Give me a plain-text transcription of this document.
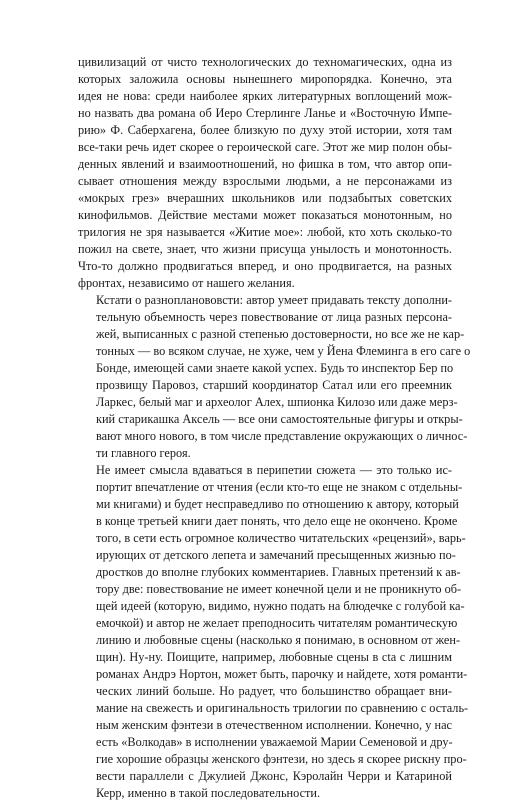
цивилизаций от чисто технологических до техномагических, одна из
которых заложила основы нынешнего миропорядка. Конечно, эта
идея не нова: среди наиболее ярких литературных воплощений мож-
но назвать два романа об Иеро Стерлинге Ланье и «Восточную Импе-
рию» Ф. Саберхагена, более близкую по духу этой истории, хотя там
все-таки речь идет скорее о героической саге. Этот же мир полон обы-
денных явлений и взаимоотношений, но фишка в том, что автор опи-
сывает отношения между взрослыми людьми, а не персонажами из
«мокрых грез» вчерашних школьников или подзабытых советских
кинофильмов. Действие местами может показаться монотонным, но
трилогия не зря называется «Житие мое»: любой, кто хоть сколько-то
пожил на свете, знает, что жизни присуща унылость и монотонность.
Что-то должно продвигаться вперед, и оно продвигается, на разных
фронтах, независимо от нашего желания.

Кстати о разнопланововсти: автор умеет придавать тексту дополни-
тельную объемность через повествование от лица разных персона-
жей, выписанных с разной степенью достоверности, но все же не кар-
тонных — во всяком случае, не хуже, чем у Йена Флеминга в его саге о
Бонде, имеющей сами знаете какой успех. Будь то инспектор Бер по
прозвищу Паровоз, старший координатор Сатал или его преемник
Ларкес, белый маг и археолог Алех, шпионка Килозо или даже мерз-
кий старикашка Аксель — все они самостоятельные фигуры и откры-
вают много нового, в том числе представление окружающих о личнос-
ти главного героя.

Не имеет смысла вдаваться в перипетии сюжета — это только ис-
портит впечатление от чтения (если кто-то еще не знаком с отдельны-
ми книгами) и будет несправедливо по отношению к автору, который
в конце третьей книги дает понять, что дело еще не окончено. Кроме
того, в сети есть огромное количество читательских «рецензий», варь-
ирующих от детского лепета и замечаний пресыщенных жизнью по-
дростков до вполне глубоких комментариев. Главных претензий к ав-
тору две: повествование не имеет конечной цели и не проникнуто об-
щей идеей (которую, видимо, нужно подать на блюдечке с голубой ка-
емочкой) и автор не желает преподносить читателям романтическую
линию и любовные сцены (насколько я понимаю, в основном от жен-
щин). Ну-ну. Поищите, например, любовные сцены в сta c лишним
романах Андрэ Нортон, может быть, парочку и найдете, хотя романти-
ческих линий больше. Но радует, что большинство обращает вни-
мание на свежесть и оригинальность трилогии по сравнению с осталь-
ным женским фэнтези в отечественном исполнении. Конечно, у нас
есть «Волкодав» в исполнении уважаемой Марии Семеновой и дру-
гие хорошие образцы женского фэнтези, но здесь я скорее рискну про-
вести параллели с Джулией Джонс, Кэролайн Черри и Катариной
Керр, именно в такой последовательности.
